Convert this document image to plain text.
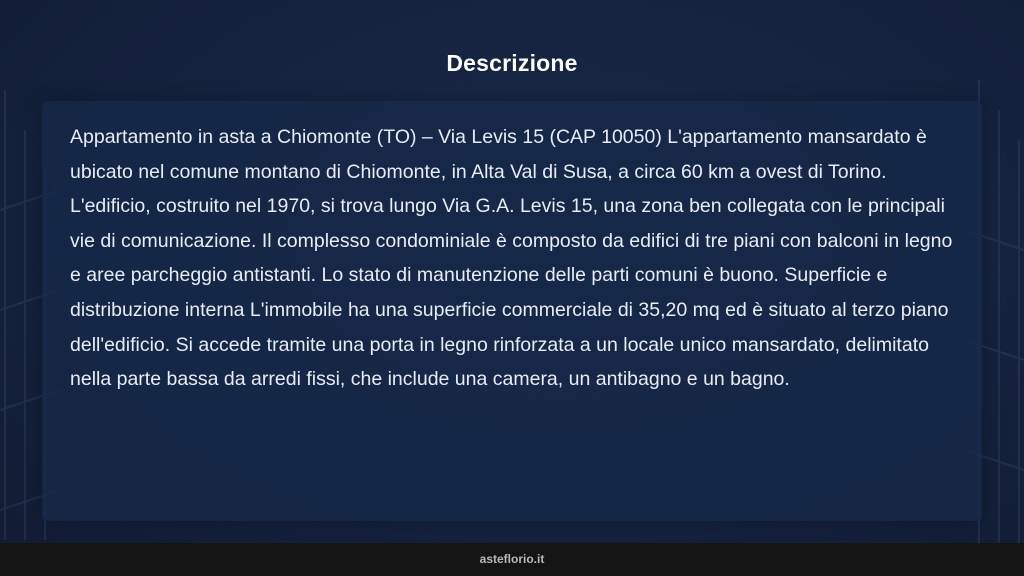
Descrizione

Appartamento in asta a Chiomonte (TO) – Via Levis 15 (CAP 10050) L'appartamento mansardato è ubicato nel comune montano di Chiomonte, in Alta Val di Susa, a circa 60 km a ovest di Torino. L'edificio, costruito nel 1970, si trova lungo Via G.A. Levis 15, una zona ben collegata con le principali vie di comunicazione. Il complesso condominiale è composto da edifici di tre piani con balconi in legno e aree parcheggio antistanti. Lo stato di manutenzione delle parti comuni è buono. Superficie e distribuzione interna L'immobile ha una superficie commerciale di 35,20 mq ed è situato al terzo piano dell'edificio. Si accede tramite una porta in legno rinforzata a un locale unico mansardato, delimitato nella parte bassa da arredi fissi, che include una camera, un antibagno e un bagno.

asteflorio.it
